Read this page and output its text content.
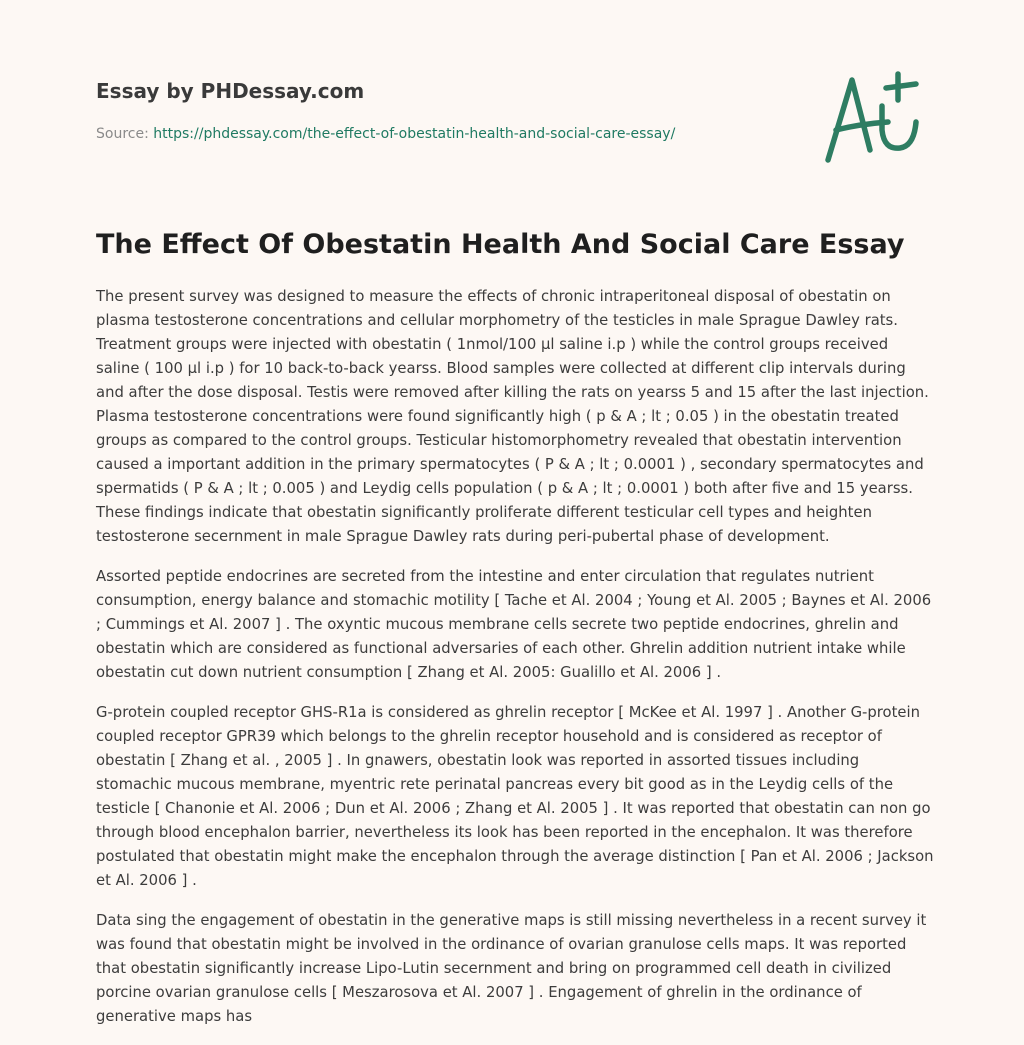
Essay by PHDessay.com

Source: https://phdessay.com/the-effect-of-obestatin-health-and-social-care-essay/
The Effect Of Obestatin Health And Social Care Essay

The present survey was designed to measure the effects of chronic intraperitoneal disposal of obestatin on plasma testosterone concentrations and cellular morphometry of the testicles in male Sprague Dawley rats. Treatment groups were injected with obestatin ( 1nmol/100 µl saline i.p ) while the control groups received saline ( 100 µl i.p ) for 10 back-to-back yearss. Blood samples were collected at different clip intervals during and after the dose disposal. Testis were removed after killing the rats on yearss 5 and 15 after the last injection. Plasma testosterone concentrations were found significantly high ( p & A ; lt ; 0.05 ) in the obestatin treated groups as compared to the control groups. Testicular histomorphometry revealed that obestatin intervention caused a important addition in the primary spermatocytes ( P & A ; lt ; 0.0001 ) , secondary spermatocytes and spermatids ( P & A ; lt ; 0.005 ) and Leydig cells population ( p & A ; lt ; 0.0001 ) both after five and 15 yearss. These findings indicate that obestatin significantly proliferate different testicular cell types and heighten testosterone secernment in male Sprague Dawley rats during peri-pubertal phase of development.

Assorted peptide endocrines are secreted from the intestine and enter circulation that regulates nutrient consumption, energy balance and stomachic motility [ Tache et Al. 2004 ; Young et Al. 2005 ; Baynes et Al. 2006 ; Cummings et Al. 2007 ] . The oxyntic mucous membrane cells secrete two peptide endocrines, ghrelin and obestatin which are considered as functional adversaries of each other. Ghrelin addition nutrient intake while obestatin cut down nutrient consumption [ Zhang et Al. 2005: Gualillo et Al. 2006 ] .

G-protein coupled receptor GHS-R1a is considered as ghrelin receptor [ McKee et Al. 1997 ] . Another G-protein coupled receptor GPR39 which belongs to the ghrelin receptor household and is considered as receptor of obestatin [ Zhang et al. , 2005 ] . In gnawers, obestatin look was reported in assorted tissues including stomachic mucous membrane, myentric rete perinatal pancreas every bit good as in the Leydig cells of the testicle [ Chanonie et Al. 2006 ; Dun et Al. 2006 ; Zhang et Al. 2005 ] . It was reported that obestatin can non go through blood encephalon barrier, nevertheless its look has been reported in the encephalon. It was therefore postulated that obestatin might make the encephalon through the average distinction [ Pan et Al. 2006 ; Jackson et Al. 2006 ] .

Data sing the engagement of obestatin in the generative maps is still missing nevertheless in a recent survey it was found that obestatin might be involved in the ordinance of ovarian granulose cells maps. It was reported that obestatin significantly increase Lipo-Lutin secernment and bring on programmed cell death in civilized porcine ovarian granulose cells [ Meszarosova et Al. 2007 ] . Engagement of ghrelin in the ordinance of generative maps has
